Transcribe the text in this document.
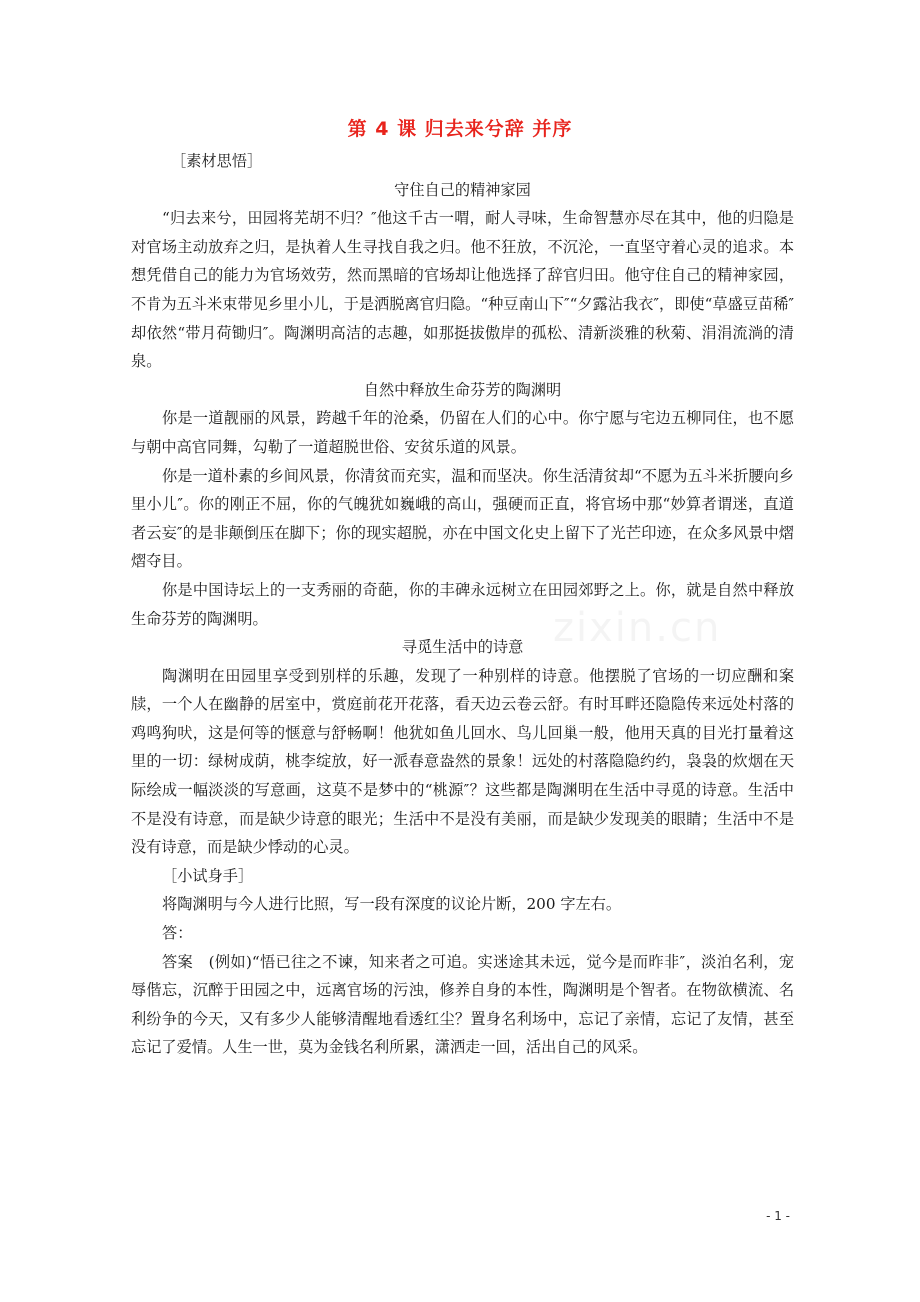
第 4 课 归去来兮辞 并序

［素材思悟］

守住自己的精神家园

“归去来兮，田园将芜胡不归？″他这千古一喟，耐人寻味，生命智慧亦尽在其中，他的归隐是对官场主动放弃之归，是执着人生寻找自我之归。他不狂放，不沉沦，一直坚守着心灵的追求。本想凭借自己的能力为官场效劳，然而黑暗的官场却让他选择了辞官归田。他守住自己的精神家园，不肯为五斗米束带见乡里小儿，于是洒脱离官归隐。“种豆南山下″“夕露沾我衣″，即使“草盛豆苗稀″却依然“带月荷锄归″。陶渊明高洁的志趣，如那挺拔傲岸的孤松、清新淡雅的秋菊、涓涓流淌的清泉。

自然中释放生命芬芳的陶渊明

你是一道靓丽的风景，跨越千年的沧桑，仍留在人们的心中。你宁愿与宅边五柳同住，也不愿与朝中高官同舞，勾勒了一道超脱世俗、安贫乐道的风景。

你是一道朴素的乡间风景，你清贫而充实，温和而坚决。你生活清贫却“不愿为五斗米折腰向乡里小儿″。你的刚正不屈，你的气魄犹如巍峨的高山，强硬而正直，将官场中那“妙算者谓迷，直道者云妄″的是非颠倒压在脚下；你的现实超脱，亦在中国文化史上留下了光芒印迹，在众多风景中熠熠夺目。

你是中国诗坛上的一支秀丽的奇葩，你的丰碑永远树立在田园郊野之上。你，就是自然中释放生命芬芳的陶渊明。

寻觅生活中的诗意

陶渊明在田园里享受到别样的乐趣，发现了一种别样的诗意。他摆脱了官场的一切应酬和案牍，一个人在幽静的居室中，赏庭前花开花落，看天边云卷云舒。有时耳畔还隐隐传来远处村落的鸡鸣狗吠，这是何等的惬意与舒畅啊！他犹如鱼儿回水、鸟儿回巢一般，他用天真的目光打量着这里的一切：绿树成荫，桃李绽放，好一派春意盎然的景象！远处的村落隐隐约约，袅袅的炊烟在天际绘成一幅淡淡的写意画，这莫不是梦中的“桃源″？这些都是陶渊明在生活中寻觅的诗意。生活中不是没有诗意，而是缺少诗意的眼光；生活中不是没有美丽，而是缺少发现美的眼睛；生活中不是没有诗意，而是缺少悸动的心灵。

［小试身手］

将陶渊明与今人进行比照，写一段有深度的议论片断，200 字左右。

答：

答案　(例如)“悟已往之不谏，知来者之可追。实迷途其未远，觉今是而昨非″，淡泊名利，宠辱偕忘，沉醉于田园之中，远离官场的污浊，修养自身的本性，陶渊明是个智者。在物欲横流、名利纷争的今天，又有多少人能够清醒地看透红尘？置身名利场中，忘记了亲情，忘记了友情，甚至忘记了爱情。人生一世，莫为金钱名利所累，潇洒走一回，活出自己的风采。

zixin.cn
- 1 -
